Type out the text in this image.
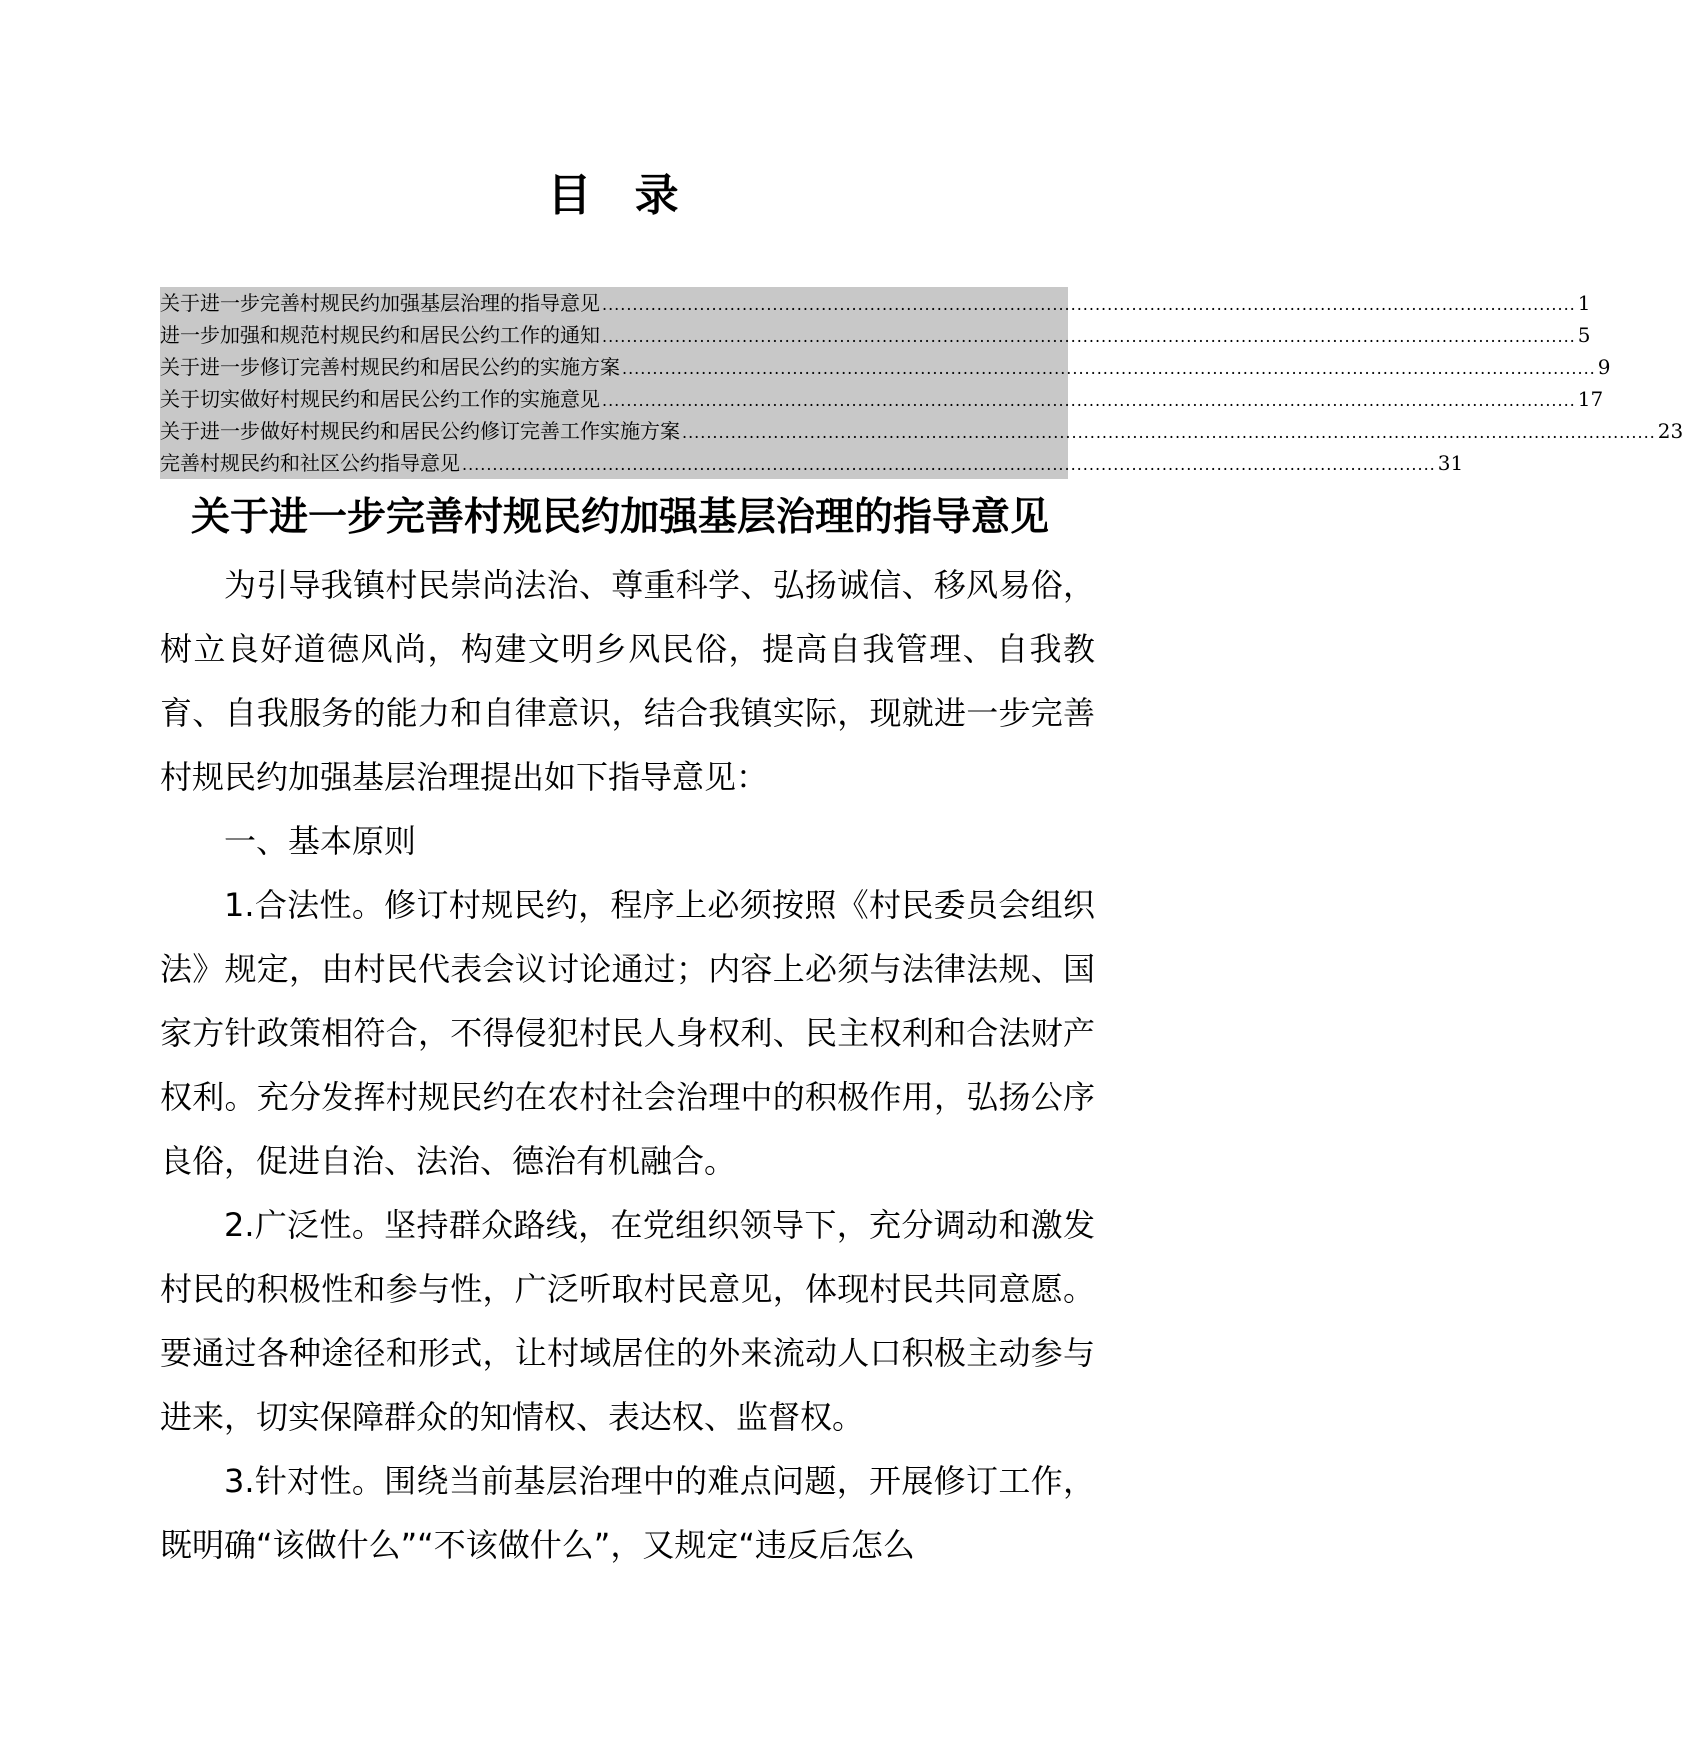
目 录
关于进一步完善村规民约加强基层治理的指导意见 ................................................................................................................................................................ 1
进一步加强和规范村规民约和居民公约工作的通知 ................................................................................................................................................................ 5
关于进一步修订完善村规民约和居民公约的实施方案 ................................................................................................................................................................ 9
关于切实做好村规民约和居民公约工作的实施意见 ................................................................................................................................................................ 17
关于进一步做好村规民约和居民公约修订完善工作实施方案 ................................................................................................................................................................ 23
完善村规民约和社区公约指导意见 ................................................................................................................................................................ 31
关于进一步完善村规民约加强基层治理的指导意见

为引导我镇村民崇尚法治、尊重科学、弘扬诚信、移风易俗，树立良好道德风尚，构建文明乡风民俗，提高自我管理、自我教育、自我服务的能力和自律意识，结合我镇实际，现就进一步完善村规民约加强基层治理提出如下指导意见：

一、基本原则

1.合法性。修订村规民约，程序上必须按照《村民委员会组织法》规定，由村民代表会议讨论通过；内容上必须与法律法规、国家方针政策相符合，不得侵犯村民人身权利、民主权利和合法财产权利。充分发挥村规民约在农村社会治理中的积极作用，弘扬公序良俗，促进自治、法治、德治有机融合。

2.广泛性。坚持群众路线，在党组织领导下，充分调动和激发村民的积极性和参与性，广泛听取村民意见，体现村民共同意愿。要通过各种途径和形式，让村域居住的外来流动人口积极主动参与进来，切实保障群众的知情权、表达权、监督权。

3.针对性。围绕当前基层治理中的难点问题，开展修订工作，既明确“该做什么”“不该做什么”，又规定“违反后怎么
